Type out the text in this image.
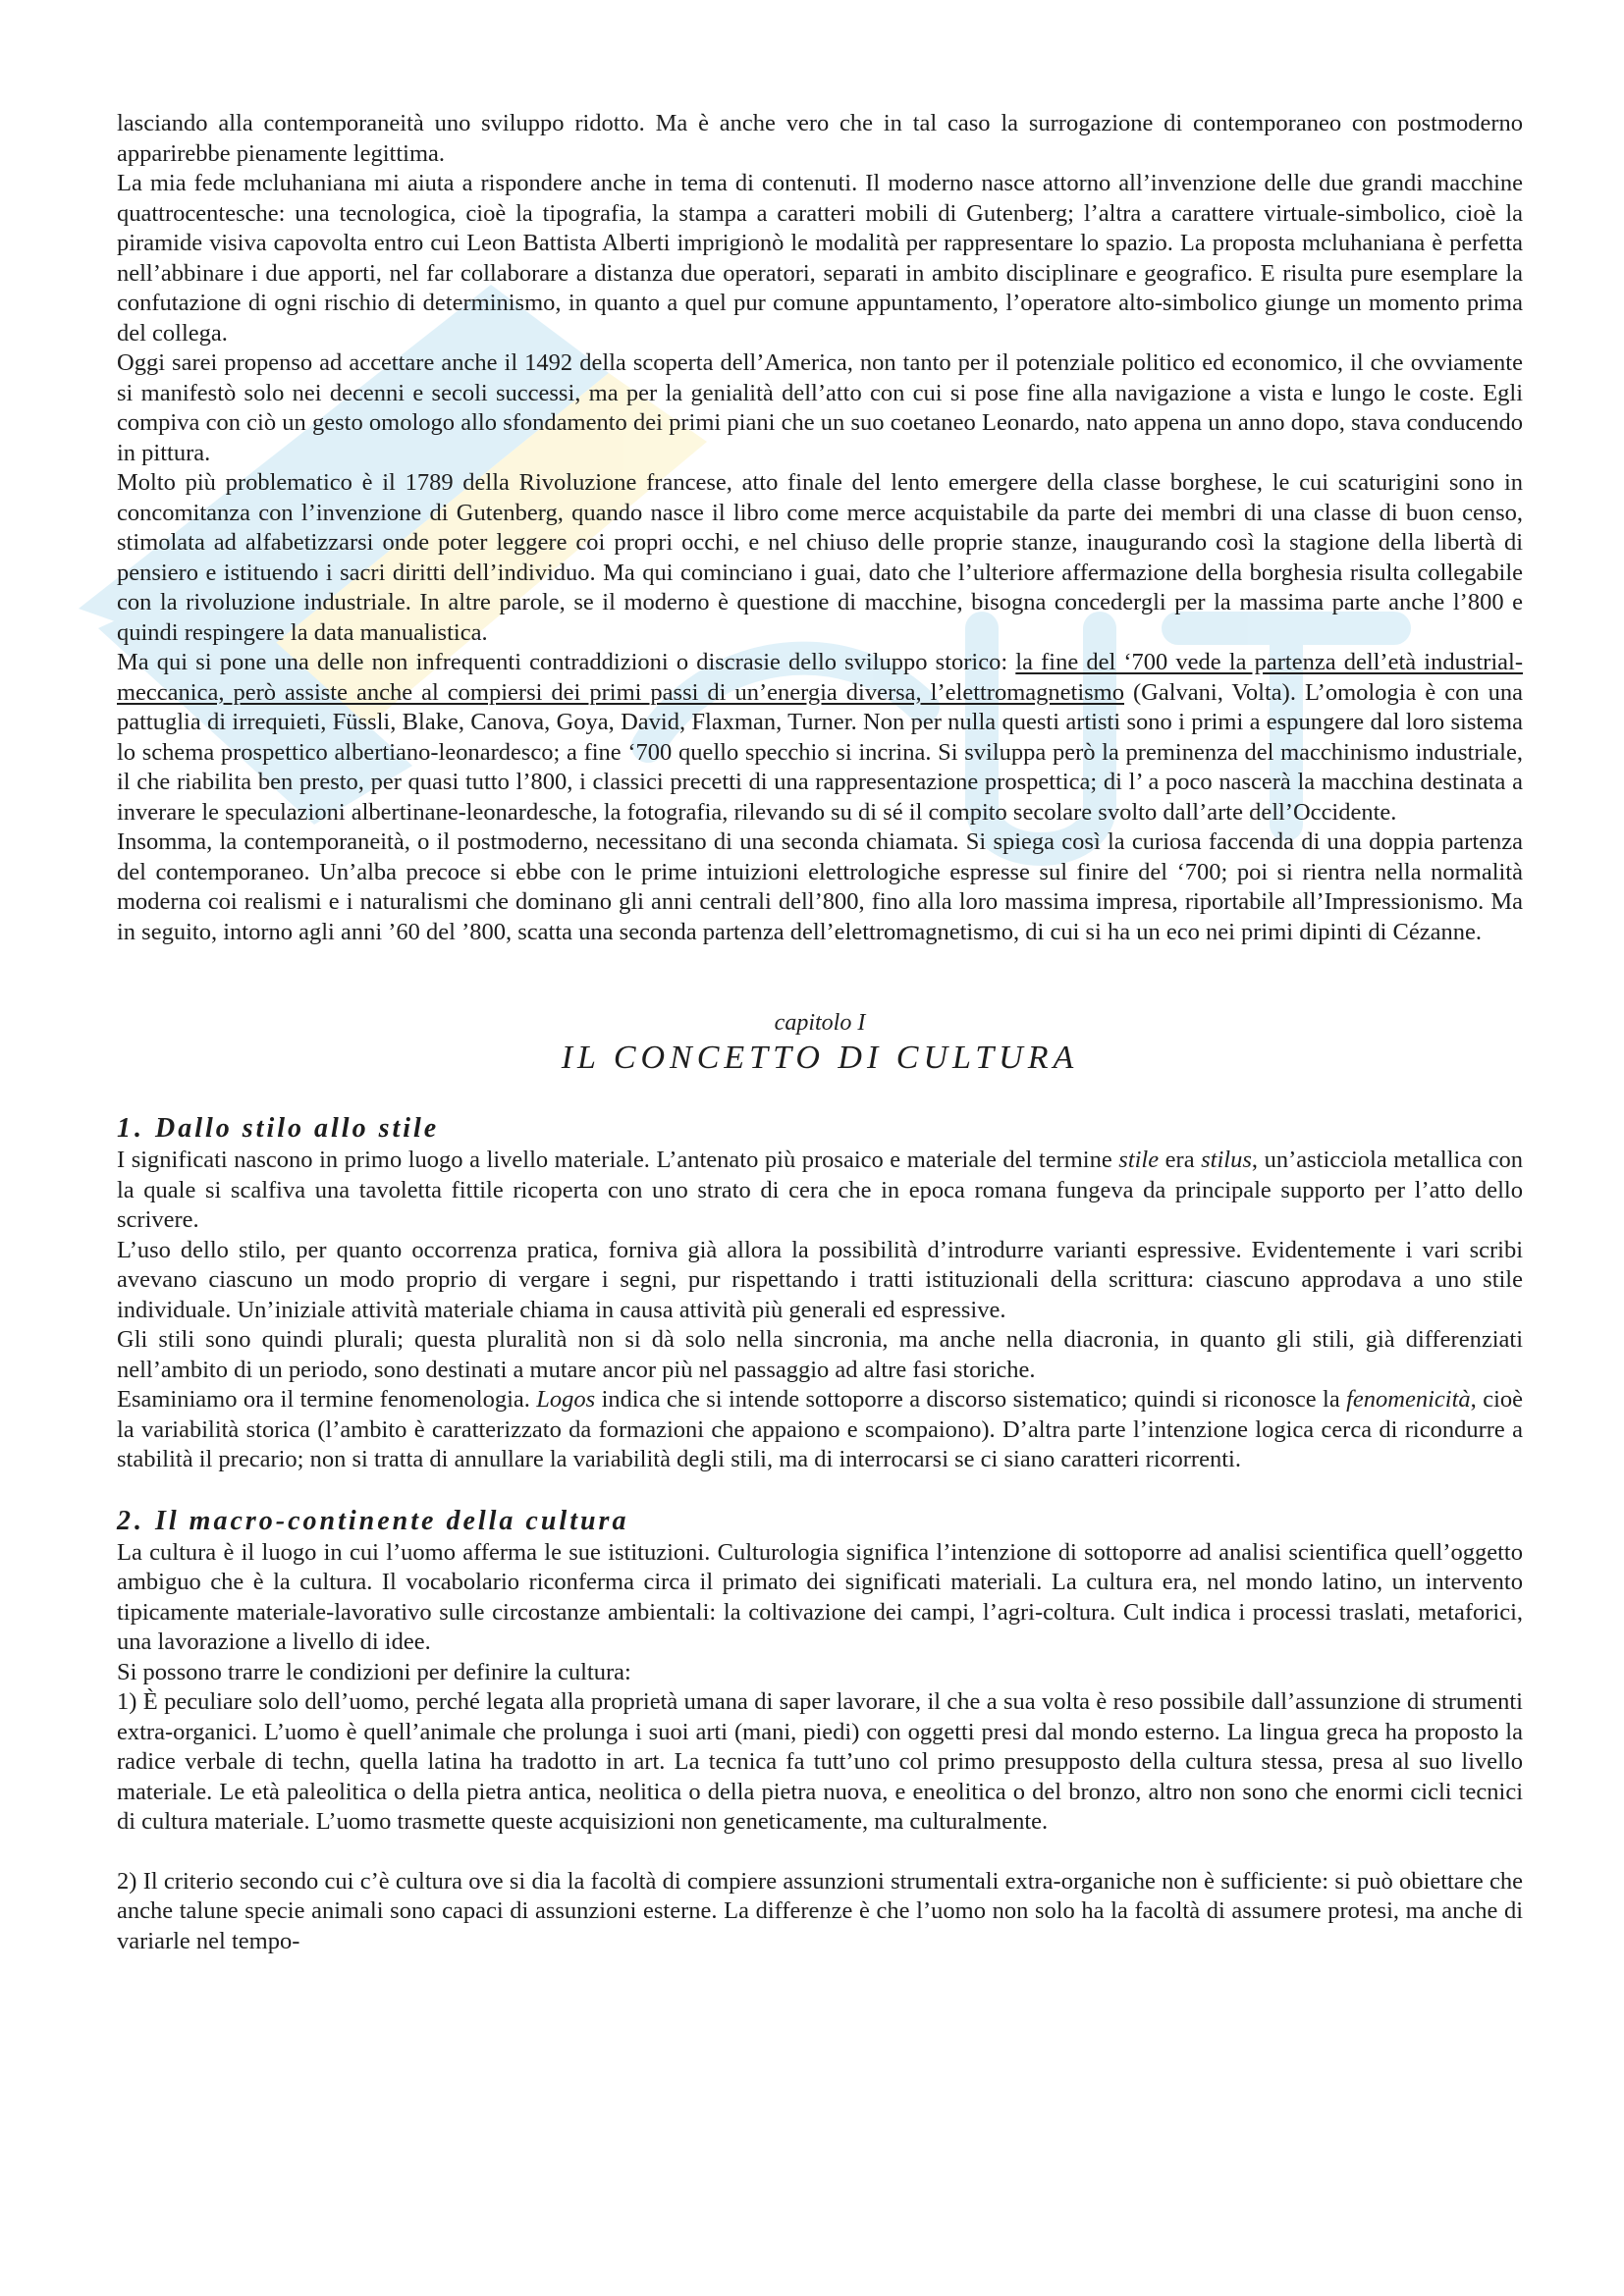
lasciando alla contemporaneità uno sviluppo ridotto. Ma è anche vero che in tal caso la surrogazione di contemporaneo con postmoderno apparirebbe pienamente legittima.

La mia fede mcluhaniana mi aiuta a rispondere anche in tema di contenuti. Il moderno nasce attorno all’invenzione delle due grandi macchine quattrocentesche: una tecnologica, cioè la tipografia, la stampa a caratteri mobili di Gutenberg; l’altra a carattere virtuale-simbolico, cioè la piramide visiva capovolta entro cui Leon Battista Alberti imprigionò le modalità per rappresentare lo spazio. La proposta mcluhaniana è perfetta nell’abbinare i due apporti, nel far collaborare a distanza due operatori, separati in ambito disciplinare e geografico. E risulta pure esemplare la confutazione di ogni rischio di determinismo, in quanto a quel pur comune appuntamento, l’operatore alto-simbolico giunge un momento prima del collega.

Oggi sarei propenso ad accettare anche il 1492 della scoperta dell’America, non tanto per il potenziale politico ed economico, il che ovviamente si manifestò solo nei decenni e secoli successi, ma per la genialità dell’atto con cui si pose fine alla navigazione a vista e lungo le coste. Egli compiva con ciò un gesto omologo allo sfondamento dei primi piani che un suo coetaneo Leonardo, nato appena un anno dopo, stava conducendo in pittura.

Molto più problematico è il 1789 della Rivoluzione francese, atto finale del lento emergere della classe borghese, le cui scaturigini sono in concomitanza con l’invenzione di Gutenberg, quando nasce il libro come merce acquistabile da parte dei membri di una classe di buon censo, stimolata ad alfabetizzarsi onde poter leggere coi propri occhi, e nel chiuso delle proprie stanze, inaugurando così la stagione della libertà di pensiero e istituendo i sacri diritti dell’individuo. Ma qui cominciano i guai, dato che l’ulteriore affermazione della borghesia risulta collegabile con la rivoluzione industriale. In altre parole, se il moderno è questione di macchine, bisogna concedergli per la massima parte anche l’800 e quindi respingere la data manualistica.

Ma qui si pone una delle non infrequenti contraddizioni o discrasie dello sviluppo storico: la fine del ‘700 vede la partenza dell’età industrial-meccanica, però assiste anche al compiersi dei primi passi di un’energia diversa, l’elettromagnetismo (Galvani, Volta). L’omologia è con una pattuglia di irrequieti, Füssli, Blake, Canova, Goya, David, Flaxman, Turner. Non per nulla questi artisti sono i primi a espungere dal loro sistema lo schema prospettico albertiano-leonardesco; a fine ‘700 quello specchio si incrina. Si sviluppa però la preminenza del macchinismo industriale, il che riabilita ben presto, per quasi tutto l’800, i classici precetti di una rappresentazione prospettica; di l’ a poco nascerà la macchina destinata a inverare le speculazioni albertinane-leonardesche, la fotografia, rilevando su di sé il compito secolare svolto dall’arte dell’Occidente.

Insomma, la contemporaneità, o il postmoderno, necessitano di una seconda chiamata. Si spiega così la curiosa faccenda di una doppia partenza del contemporaneo. Un’alba precoce si ebbe con le prime intuizioni elettrologiche espresse sul finire del ‘700; poi si rientra nella normalità moderna coi realismi e i naturalismi che dominano gli anni centrali dell’800, fino alla loro massima impresa, riportabile all’Impressionismo. Ma in seguito, intorno agli anni ’60 del ’800, scatta una seconda partenza dell’elettromagnetismo, di cui si ha un eco nei primi dipinti di Cézanne.

capitolo I
IL CONCETTO DI CULTURA
1. Dallo stilo allo stile

I significati nascono in primo luogo a livello materiale. L’antenato più prosaico e materiale del termine stile era stilus, un’asticciola metallica con la quale si scalfiva una tavoletta fittile ricoperta con uno strato di cera che in epoca romana fungeva da principale supporto per l’atto dello scrivere.

L’uso dello stilo, per quanto occorrenza pratica, forniva già allora la possibilità d’introdurre varianti espressive. Evidentemente i vari scribi avevano ciascuno un modo proprio di vergare i segni, pur rispettando i tratti istituzionali della scrittura: ciascuno approdava a uno stile individuale. Un’iniziale attività materiale chiama in causa attività più generali ed espressive.

Gli stili sono quindi plurali; questa pluralità non si dà solo nella sincronia, ma anche nella diacronia, in quanto gli stili, già differenziati nell’ambito di un periodo, sono destinati a mutare ancor più nel passaggio ad altre fasi storiche.

Esaminiamo ora il termine fenomenologia. Logos indica che si intende sottoporre a discorso sistematico; quindi si riconosce la fenomenicità, cioè la variabilità storica (l’ambito è caratterizzato da formazioni che appaiono e scompaiono). D’altra parte l’intenzione logica cerca di ricondurre a stabilità il precario; non si tratta di annullare la variabilità degli stili, ma di interrocarsi se ci siano caratteri ricorrenti.

2. Il macro-continente della cultura

La cultura è il luogo in cui l’uomo afferma le sue istituzioni. Culturologia significa l’intenzione di sottoporre ad analisi scientifica quell’oggetto ambiguo che è la cultura. Il vocabolario riconferma circa il primato dei significati materiali. La cultura era, nel mondo latino, un intervento tipicamente materiale-lavorativo sulle circostanze ambientali: la coltivazione dei campi, l’agri-coltura. Cult indica i processi traslati, metaforici, una lavorazione a livello di idee.

Si possono trarre le condizioni per definire la cultura:

1) È peculiare solo dell’uomo, perché legata alla proprietà umana di saper lavorare, il che a sua volta è reso possibile dall’assunzione di strumenti extra-organici. L’uomo è quell’animale che prolunga i suoi arti (mani, piedi) con oggetti presi dal mondo esterno. La lingua greca ha proposto la radice verbale di techn, quella latina ha tradotto in art. La tecnica fa tutt’uno col primo presupposto della cultura stessa, presa al suo livello materiale. Le età paleolitica o della pietra antica, neolitica o della pietra nuova, e eneolitica o del bronzo, altro non sono che enormi cicli tecnici di cultura materiale. L’uomo trasmette queste acquisizioni non geneticamente, ma culturalmente.

2) Il criterio secondo cui c’è cultura ove si dia la facoltà di compiere assunzioni strumentali extra-organiche non è sufficiente: si può obiettare che anche talune specie animali sono capaci di assunzioni esterne. La differenze è che l’uomo non solo ha la facoltà di assumere protesi, ma anche di variarle nel tempo-
